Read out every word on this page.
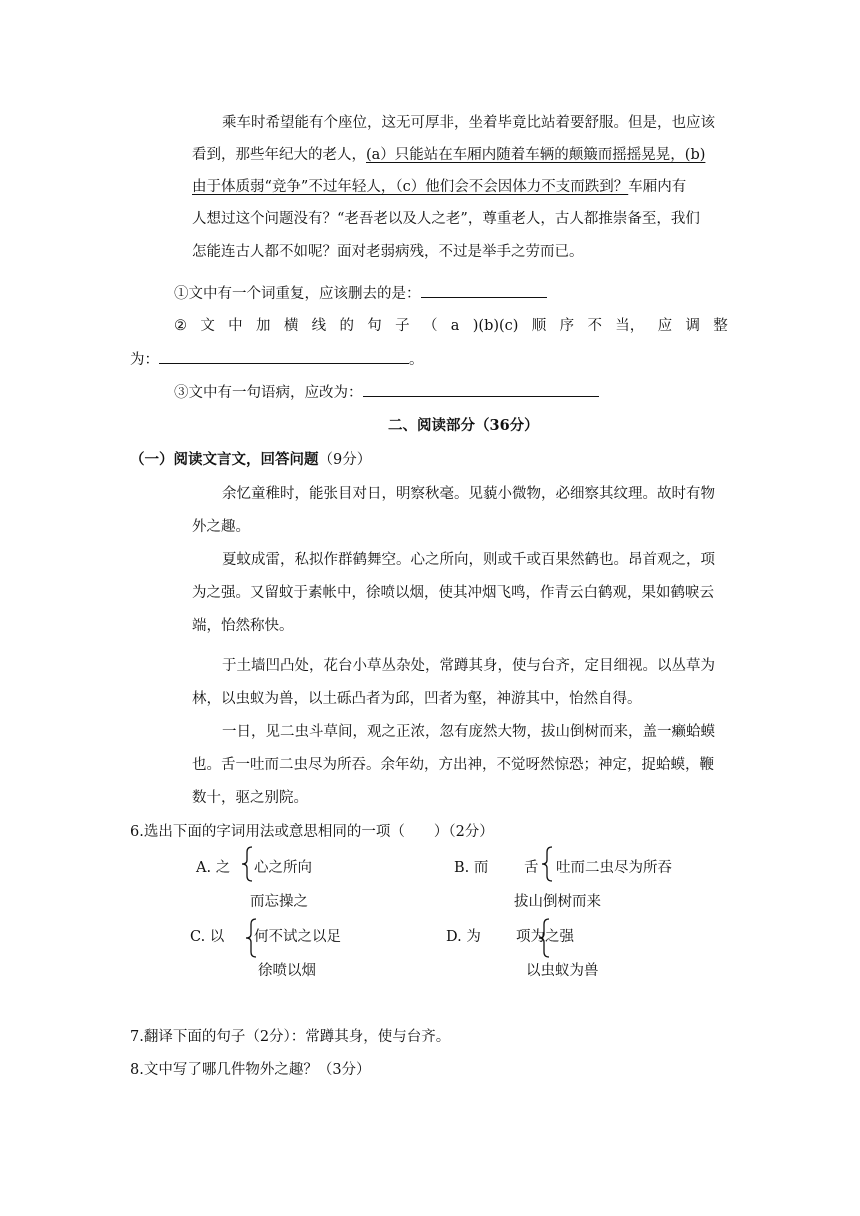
乘车时希望能有个座位，这无可厚非，坐着毕竟比站着要舒服。但是，也应该
看到，那些年纪大的老人，(a）只能站在车厢内随着车辆的颠簸而摇摇晃晃，(b)
由于体质弱“竞争”不过年轻人，（c）他们会不会因体力不支而跌到？车厢内有
人想过这个问题没有？“老吾老以及人之老”，尊重老人，古人都推崇备至，我们
怎能连古人都不如呢？面对老弱病残，不过是举手之劳而已。
①文中有一个词重复，应该删去的是：
② 文 中 加 横 线 的 句 子 （ a )(b)(c) 顺 序 不 当， 应 调 整
为：	。
③文中有一句语病，应改为：
二、阅读部分（36分）
（一）阅读文言文，回答问题（9分）
余忆童稚时，能张目对日，明察秋毫。见藐小微物，必细察其纹理。故时有物
外之趣。
夏蚊成雷，私拟作群鹤舞空。心之所向，则或千或百果然鹤也。昂首观之，项
为之强。又留蚊于素帐中，徐喷以烟，使其冲烟飞鸣，作青云白鹤观，果如鹤唳云
端，怡然称快。
于土墙凹凸处，花台小草丛杂处，常蹲其身，使与台齐，定目细视。以丛草为
林，以虫蚁为兽，以土砾凸者为邱，凹者为壑，神游其中，怡然自得。
一日，见二虫斗草间，观之正浓，忽有庞然大物，拔山倒树而来，盖一癞蛤蟆
也。舌一吐而二虫尽为所吞。余年幼，方出神，不觉呀然惊恐；神定，捉蛤蟆，鞭
数十，驱之别院。
6.选出下面的字词用法或意思相同的一项（　　）（2分）
A. 之 心之所向
而忘操之
B. 而 舌 吐而二虫尽为所吞
拔山倒树而来
C. 以 何不试之以足
徐喷以烟
D. 为 项为之强
以虫蚁为兽
7.翻译下面的句子（2分）：常蹲其身，使与台齐。
8.文中写了哪几件物外之趣？（3分）
